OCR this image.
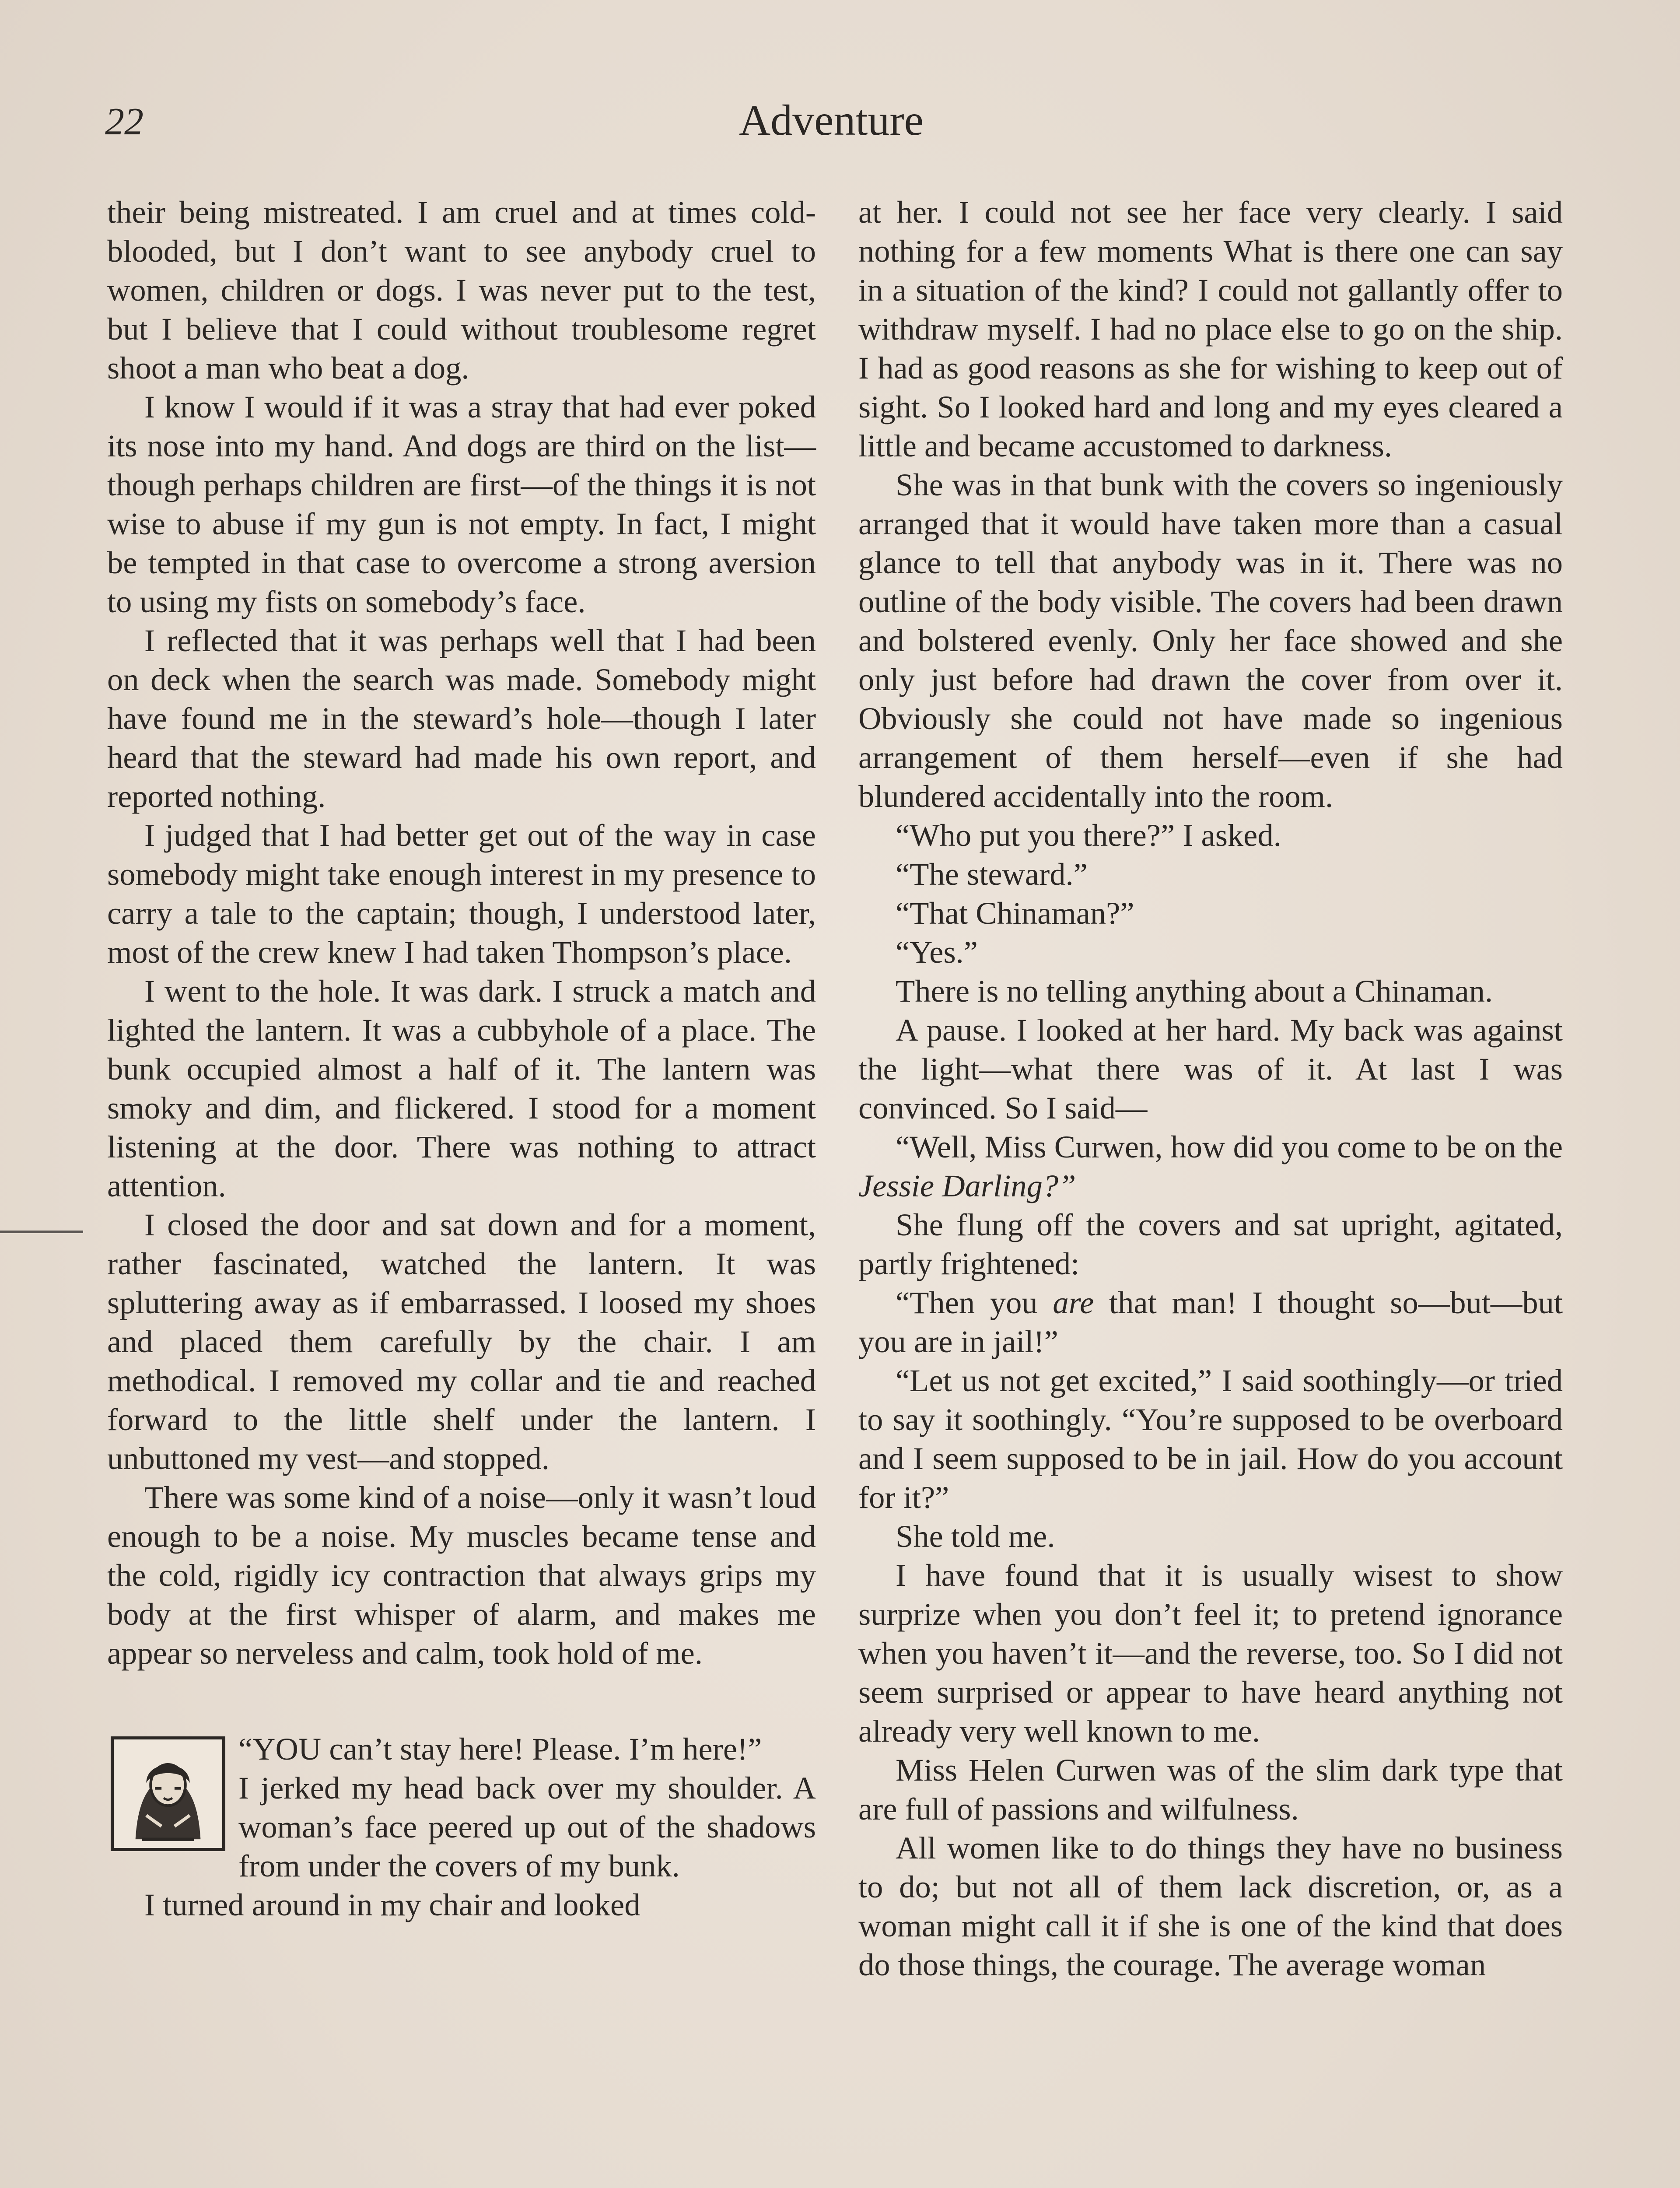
22	Adventure

their being mistreated. I am cruel and at times cold-blooded, but I don’t want to see anybody cruel to women, children or dogs. I was never put to the test, but I believe that I could without troublesome regret shoot a man who beat a dog.

I know I would if it was a stray that had ever poked its nose into my hand. And dogs are third on the list—though perhaps children are first—of the things it is not wise to abuse if my gun is not empty. In fact, I might be tempted in that case to overcome a strong aversion to using my fists on somebody’s face.

I reflected that it was perhaps well that I had been on deck when the search was made. Somebody might have found me in the steward’s hole—though I later heard that the steward had made his own report, and reported nothing.

I judged that I had better get out of the way in case somebody might take enough interest in my presence to carry a tale to the captain; though, I understood later, most of the crew knew I had taken Thompson’s place.

I went to the hole. It was dark. I struck a match and lighted the lantern. It was a cubbyhole of a place. The bunk occupied almost a half of it. The lantern was smoky and dim, and flickered. I stood for a moment listening at the door. There was nothing to attract attention.

I closed the door and sat down and for a moment, rather fascinated, watched the lantern. It was spluttering away as if embarrassed. I loosed my shoes and placed them carefully by the chair. I am methodical. I removed my collar and tie and reached forward to the little shelf under the lantern. I unbuttoned my vest—and stopped.

There was some kind of a noise—only it wasn’t loud enough to be a noise. My muscles became tense and the cold, rigidly icy contraction that always grips my body at the first whisper of alarm, and makes me appear so nerveless and calm, took hold of me.

“YOU can’t stay here! Please. I’m here!”

I jerked my head back over my shoulder. A woman’s face peered up out of the shadows from under the covers of my bunk.

I turned around in my chair and looked

at her. I could not see her face very clearly. I said nothing for a few moments What is there one can say in a situation of the kind? I could not gallantly offer to withdraw myself. I had no place else to go on the ship. I had as good reasons as she for wishing to keep out of sight. So I looked hard and long and my eyes cleared a little and became accustomed to darkness.

She was in that bunk with the covers so ingeniously arranged that it would have taken more than a casual glance to tell that anybody was in it. There was no outline of the body visible. The covers had been drawn and bolstered evenly. Only her face showed and she only just before had drawn the cover from over it. Obviously she could not have made so ingenious arrangement of them herself—even if she had blundered accidentally into the room.

“Who put you there?” I asked.

“The steward.”

“That Chinaman?”

“Yes.”

There is no telling anything about a Chinaman.

A pause. I looked at her hard. My back was against the light—what there was of it. At last I was convinced. So I said—

“Well, Miss Curwen, how did you come to be on the Jessie Darling?”

She flung off the covers and sat upright, agitated, partly frightened:

“Then you are that man! I thought so—but—but you are in jail!”

“Let us not get excited,” I said soothingly—or tried to say it soothingly. “You’re supposed to be overboard and I seem supposed to be in jail. How do you account for it?”

She told me.

I have found that it is usually wisest to show surprize when you don’t feel it; to pretend ignorance when you haven’t it—and the reverse, too. So I did not seem surprised or appear to have heard anything not already very well known to me.

Miss Helen Curwen was of the slim dark type that are full of passions and wilfulness.

All women like to do things they have no business to do; but not all of them lack discretion, or, as a woman might call it if she is one of the kind that does do those things, the courage. The average woman
